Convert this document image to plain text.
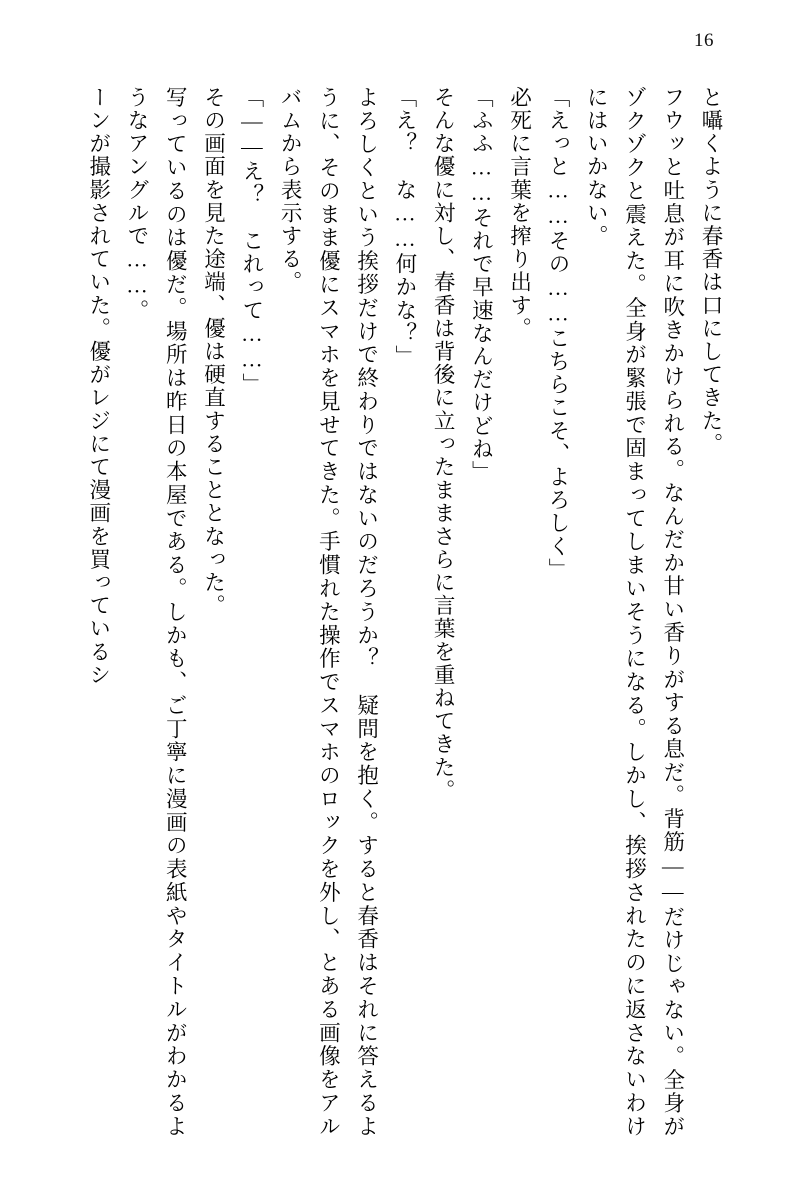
16

と囁くように春香は口にしてきた。

フウッと吐息が耳に吹きかけられる。なんだか甘い香りがする息だ。背筋――だけじゃない。全身がゾクゾクと震えた。全身が緊張で固まってしまいそうになる。しかし、挨拶されたのに返さないわけにはいかない。

「えっと……その……こちらこそ、よろしく」

必死に言葉を搾り出す。

「ふふ……それで早速なんだけどね」

そんな優に対し、春香は背後に立ったままさらに言葉を重ねてきた。

「え？　な……何かな？」

よろしくという挨拶だけで終わりではないのだろうか？　疑問を抱く。すると春香はそれに答えるように、そのまま優にスマホを見せてきた。手慣れた操作でスマホのロックを外し、とある画像をアルバムから表示する。

「――え？　これって……」

その画面を見た途端、優は硬直することとなった。

写っているのは優だ。場所は昨日の本屋である。しかも、ご丁寧に漫画の表紙やタイトルがわかるようなアングルで……。

ーンが撮影されていた。優がレジにて漫画を買っているシ
